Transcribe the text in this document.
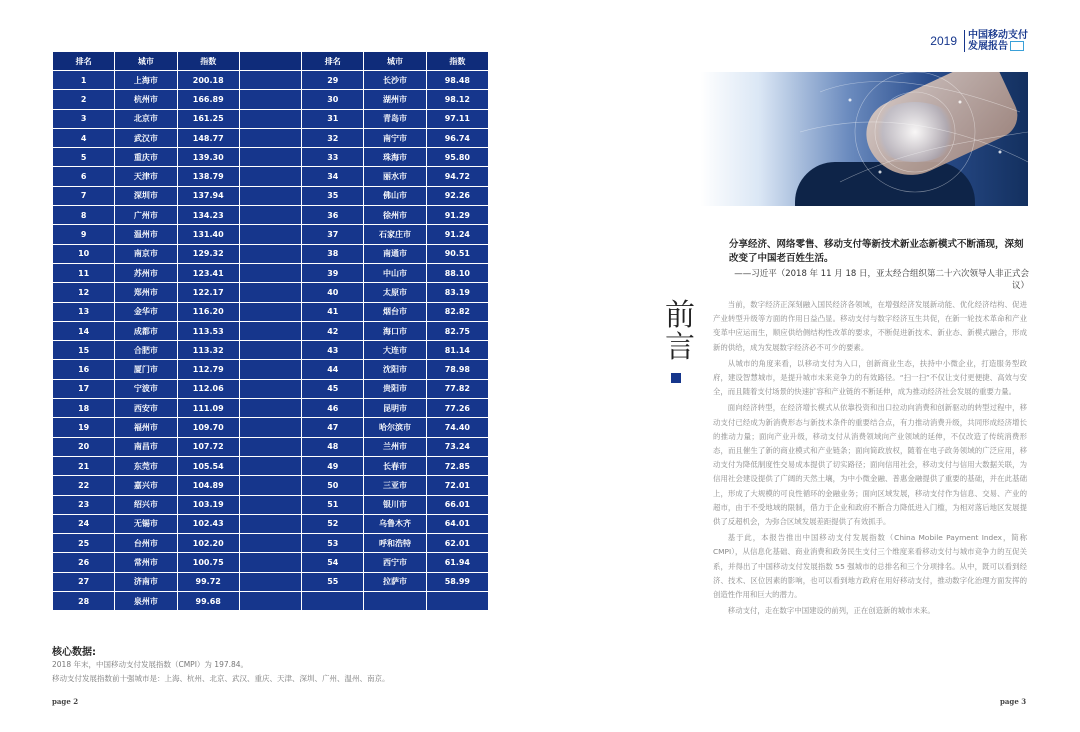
排名	城市	指数		排名	城市	指数
1	上海市	200.18		29	长沙市	98.48
2	杭州市	166.89		30	湖州市	98.12
3	北京市	161.25		31	青岛市	97.11
4	武汉市	148.77		32	南宁市	96.74
5	重庆市	139.30		33	珠海市	95.80
6	天津市	138.79		34	丽水市	94.72
7	深圳市	137.94		35	佛山市	92.26
8	广州市	134.23		36	徐州市	91.29
9	温州市	131.40		37	石家庄市	91.24
10	南京市	129.32		38	南通市	90.51
11	苏州市	123.41		39	中山市	88.10
12	郑州市	122.17		40	太原市	83.19
13	金华市	116.20		41	烟台市	82.82
14	成都市	113.53		42	海口市	82.75
15	合肥市	113.32		43	大连市	81.14
16	厦门市	112.79		44	沈阳市	78.98
17	宁波市	112.06		45	贵阳市	77.82
18	西安市	111.09		46	昆明市	77.26
19	福州市	109.70		47	哈尔滨市	74.40
20	南昌市	107.72		48	兰州市	73.24
21	东莞市	105.54		49	长春市	72.85
22	嘉兴市	104.89		50	三亚市	72.01
23	绍兴市	103.19		51	银川市	66.01
24	无锡市	102.43		52	乌鲁木齐	64.01
25	台州市	102.20		53	呼和浩特	62.01
26	常州市	100.75		54	西宁市	61.94
27	济南市	99.72		55	拉萨市	58.99
28	泉州市	99.68				
核心数据:
2018 年末，中国移动支付发展指数（CMPI）为 197.84。
移动支付发展指数前十强城市是：上海、杭州、北京、武汉、重庆、天津、深圳、广州、温州、南京。
page 2
2019 中国移动支付
发展报告
分享经济、网络零售、移动支付等新技术新业态新模式不断涌现，深刻改变了中国老百姓生活。
——习近平（2018 年 11 月 18 日，亚太经合组织第二十六次领导人非正式会议）
前言

当前，数字经济正深刻融入国民经济各领域，在增强经济发展新动能、优化经济结构、促进产业转型升级等方面的作用日益凸显。移动支付与数字经济互生共促，在新一轮技术革命和产业变革中应运而生，顺应供给侧结构性改革的要求，不断促进新技术、新业态、新模式融合，形成新的供给，成为发展数字经济必不可少的要素。

从城市的角度来看，以移动支付为入口，创新商业生态，扶持中小微企业，打造服务型政府，建设智慧城市，是提升城市未来竞争力的有效路径。“扫一扫”不仅让支付更便捷、高效与安全，而且随着支付场景的快速扩容和产业链的不断延伸，成为推动经济社会发展的重要力量。

面向经济转型，在经济增长模式从依靠投资和出口拉动向消费和创新驱动的转型过程中，移动支付已经成为新消费形态与新技术条件的重要结合点，有力推动消费升级，共同形成经济增长的推动力量；面向产业升级，移动支付从消费领域向产业领域的延伸，不仅改造了传统消费形态，而且催生了新的商业模式和产业链条；面向简政放权，随着在电子政务领域的广泛应用，移动支付为降低制度性交易成本提供了切实路径；面向信用社会，移动支付与信用大数据关联，为信用社会建设提供了广阔的天然土壤，为中小微金融、普惠金融提供了重要的基础，并在此基础上，形成了大规模的可良性循环的金融业务；面向区域发展，移动支付作为信息、交易、产业的超市，由于不受地域的限制，借力于企业和政府不断合力降低进入门槛，为相对落后地区发展提供了反超机会，为弥合区域发展差距提供了有效抓手。

基于此，本报告推出中国移动支付发展指数（China Mobile Payment Index，简称 CMPI），从信息化基础、商业消费和政务民生支付三个维度来看移动支付与城市竞争力的互促关系，并得出了中国移动支付发展指数 55 强城市的总排名和三个分项排名。从中，既可以看到经济、技术、区位因素的影响，也可以看到地方政府在用好移动支付，推动数字化治理方面发挥的创造性作用和巨大的潜力。

移动支付，走在数字中国建设的前列，正在创造新的城市未来。

page 3
